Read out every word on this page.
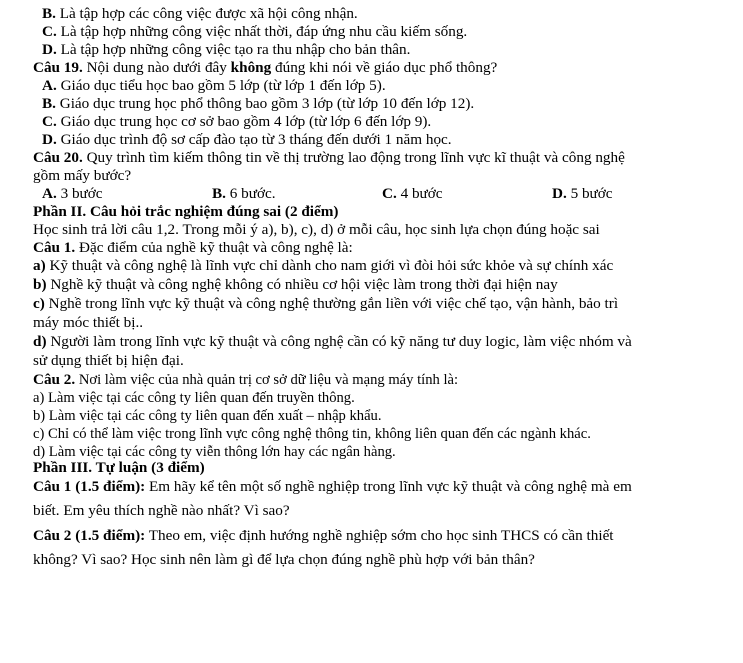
B. Là tập hợp các công việc được xã hội công nhận.
C. Là tập hợp những công việc nhất thời, đáp ứng nhu cầu kiếm sống.
D. Là tập hợp những công việc tạo ra thu nhập cho bản thân.
Câu 19. Nội dung nào dưới đây không đúng khi nói về giáo dục phổ thông?
A. Giáo dục tiểu học bao gồm 5 lớp (từ lớp 1 đến lớp 5).
B. Giáo dục trung học phổ thông bao gồm 3 lớp (từ lớp 10 đến lớp 12).
C. Giáo dục trung học cơ sở bao gồm 4 lớp (từ lớp 6 đến lớp 9).
D. Giáo dục trình độ sơ cấp đào tạo từ 3 tháng đến dưới 1 năm học.
Câu 20. Quy trình tìm kiếm thông tin về thị trường lao động trong lĩnh vực kĩ thuật và công nghệ
gồm mấy bước?
A. 3 bước	B. 6 bước.	C. 4 bước	D. 5 bước
Phần II. Câu hỏi trắc nghiệm đúng sai (2 điểm)
Học sinh trả lời câu 1,2. Trong mỗi ý a), b), c), d) ở mỗi câu, học sinh lựa chọn đúng hoặc sai
Câu 1. Đặc điểm của nghề kỹ thuật và công nghệ là:
a) Kỹ thuật và công nghệ là lĩnh vực chỉ dành cho nam giới vì đòi hỏi sức khỏe và sự chính xác
b) Nghề kỹ thuật và công nghệ không có nhiều cơ hội việc làm trong thời đại hiện nay
c) Nghề trong lĩnh vực kỹ thuật và công nghệ thường gắn liền với việc chế tạo, vận hành, bảo trì
máy móc thiết bị..
d) Người làm trong lĩnh vực kỹ thuật và công nghệ cần có kỹ năng tư duy logic, làm việc nhóm và
sử dụng thiết bị hiện đại.
Câu 2. Nơi làm việc của nhà quản trị cơ sở dữ liệu và mạng máy tính là:
a) Làm việc tại các công ty liên quan đến truyền thông.
b) Làm việc tại các công ty liên quan đến xuất – nhập khẩu.
c) Chỉ có thể làm việc trong lĩnh vực công nghệ thông tin, không liên quan đến các ngành khác.
d) Làm việc tại các công ty viễn thông lớn hay các ngân hàng.
Phần III. Tự luận (3 điểm)
Câu 1 (1.5 điểm): Em hãy kể tên một số nghề nghiệp trong lĩnh vực kỹ thuật và công nghệ mà em
biết. Em yêu thích nghề nào nhất? Vì sao?
Câu 2 (1.5 điểm): Theo em, việc định hướng nghề nghiệp sớm cho học sinh THCS có cần thiết
không? Vì sao? Học sinh nên làm gì để lựa chọn đúng nghề phù hợp với bản thân?
